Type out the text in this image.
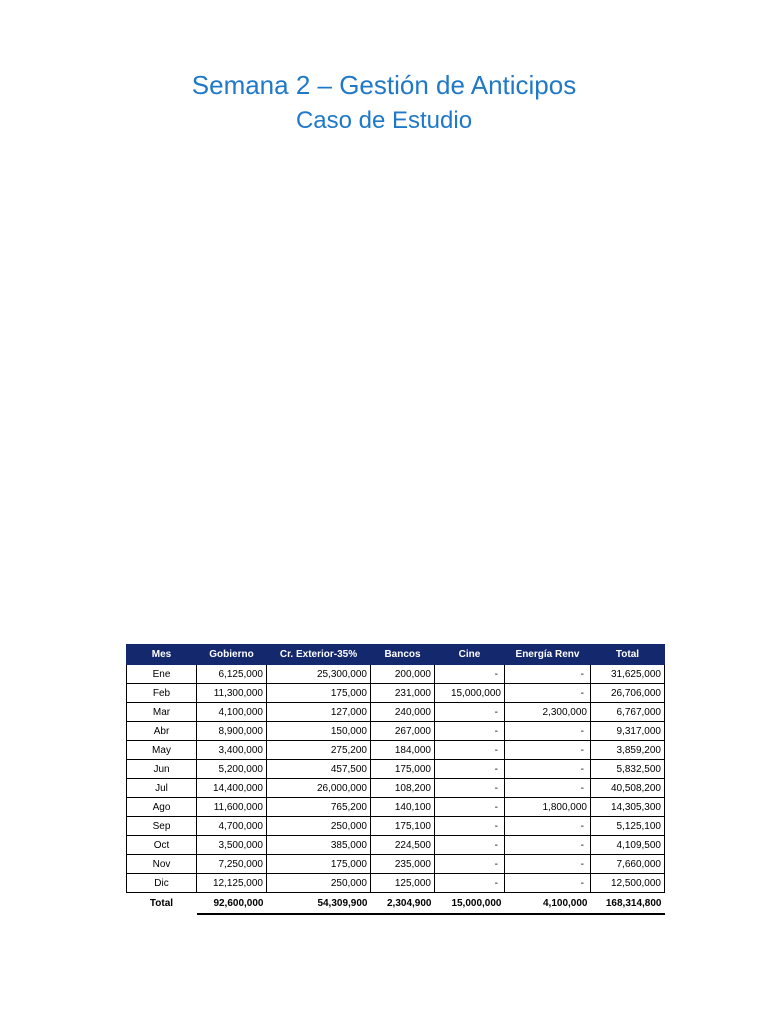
Semana 2 – Gestión de Anticipos
Caso de Estudio
Mes	Gobierno	Cr. Exterior-35%	Bancos	Cine	Energía Renv	Total
Ene	6,125,000	25,300,000	200,000	-	-	31,625,000
Feb	11,300,000	175,000	231,000	15,000,000	-	26,706,000
Mar	4,100,000	127,000	240,000	-	2,300,000	6,767,000
Abr	8,900,000	150,000	267,000	-	-	9,317,000
May	3,400,000	275,200	184,000	-	-	3,859,200
Jun	5,200,000	457,500	175,000	-	-	5,832,500
Jul	14,400,000	26,000,000	108,200	-	-	40,508,200
Ago	11,600,000	765,200	140,100	-	1,800,000	14,305,300
Sep	4,700,000	250,000	175,100	-	-	5,125,100
Oct	3,500,000	385,000	224,500	-	-	4,109,500
Nov	7,250,000	175,000	235,000	-	-	7,660,000
Dic	12,125,000	250,000	125,000	-	-	12,500,000
Total	92,600,000	54,309,900	2,304,900	15,000,000	4,100,000	168,314,800
